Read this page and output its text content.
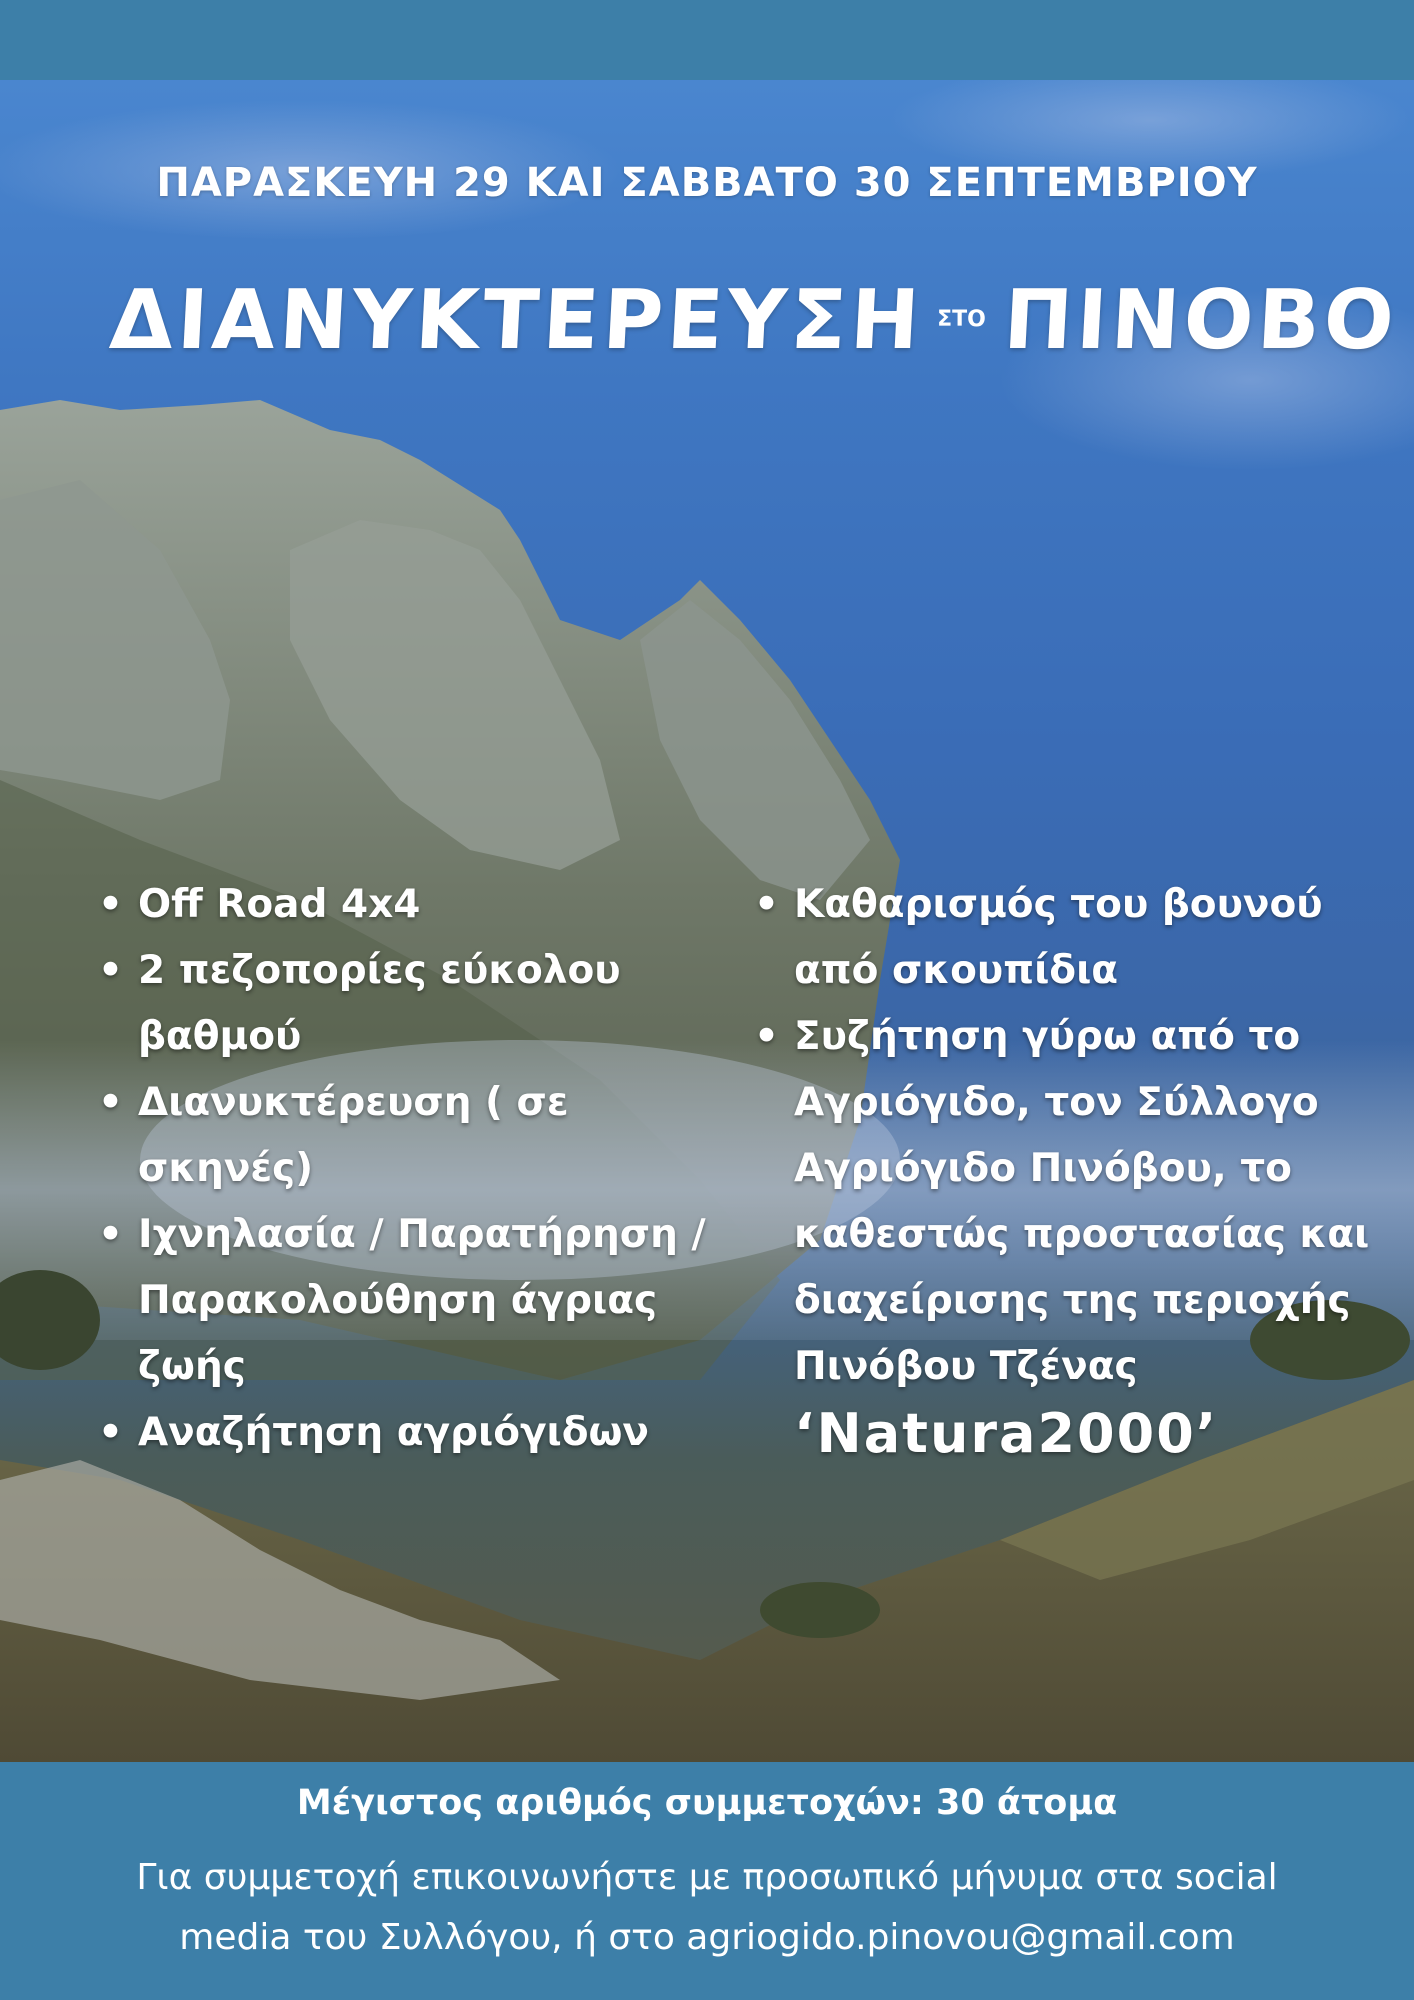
ΠΑΡΑΣΚΕΥΗ 29 ΚΑΙ ΣΑΒΒΑΤΟ 30 ΣΕΠΤΕΜΒΡΙΟΥ
ΔΙΑΝΥΚΤΕΡΕΥΣΗ ΣΤΟ ΠΙΝΟΒΟ
• Off Road 4x4
• 2 πεζοπορίες εύκολου βαθμού
• Διανυκτέρευση ( σε σκηνές)
• Ιχνηλασία / Παρατήρηση / Παρακολούθηση άγριας ζωής
• Αναζήτηση αγριόγιδων
• Καθαρισμός του βουνού από σκουπίδια
• Συζήτηση γύρω από το Αγριόγιδο, τον Σύλλογο Αγριόγιδο Πινόβου, το καθεστώς προστασίας και διαχείρισης της περιοχής Πινόβου Τζένας
‘Natura2000’
Μέγιστος αριθμός συμμετοχών: 30 άτομα
Για συμμετοχή επικοινωνήστε με προσωπικό μήνυμα στα social
media του Συλλόγου, ή στο agriogido.pinovou@gmail.com
